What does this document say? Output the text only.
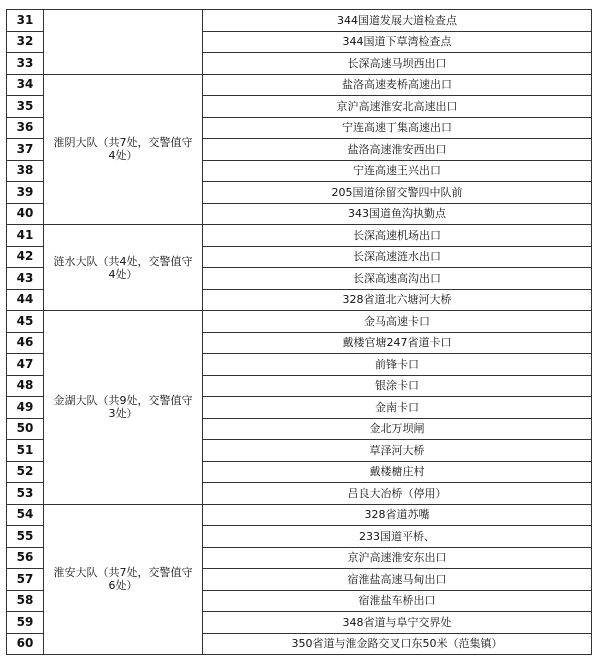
31		344国道发展大道检查点
32		344国道下草湾检查点
33		长深高速马坝西出口
34	淮阴大队（共7处，交警值守4处）	盐洛高速麦桥高速出口
35		京沪高速淮安北高速出口
36		宁连高速丁集高速出口
37		盐洛高速淮安西出口
38		宁连高速王兴出口
39		205国道徐留交警四中队前
40		343国道鱼沟执勤点
41	涟水大队（共4处，交警值守4处）	长深高速机场出口
42		长深高速涟水出口
43		长深高速高沟出口
44		328省道北六塘河大桥
45	金湖大队（共9处，交警值守3处）	金马高速卡口
46		戴楼官塘247省道卡口
47		前锋卡口
48		银涂卡口
49		金南卡口
50		金北万坝闸
51		草泽河大桥
52		戴楼榶庄村
53		吕良大冶桥（停用）
54	淮安大队（共7处，交警值守6处）	328省道苏嘴
55		233国道平桥、
56		京沪高速淮安东出口
57		宿淮盐高速马甸出口
58		宿淮盐车桥出口
59		348省道与阜宁交界处
60		350省道与淮金路交叉口东50米（范集镇）
